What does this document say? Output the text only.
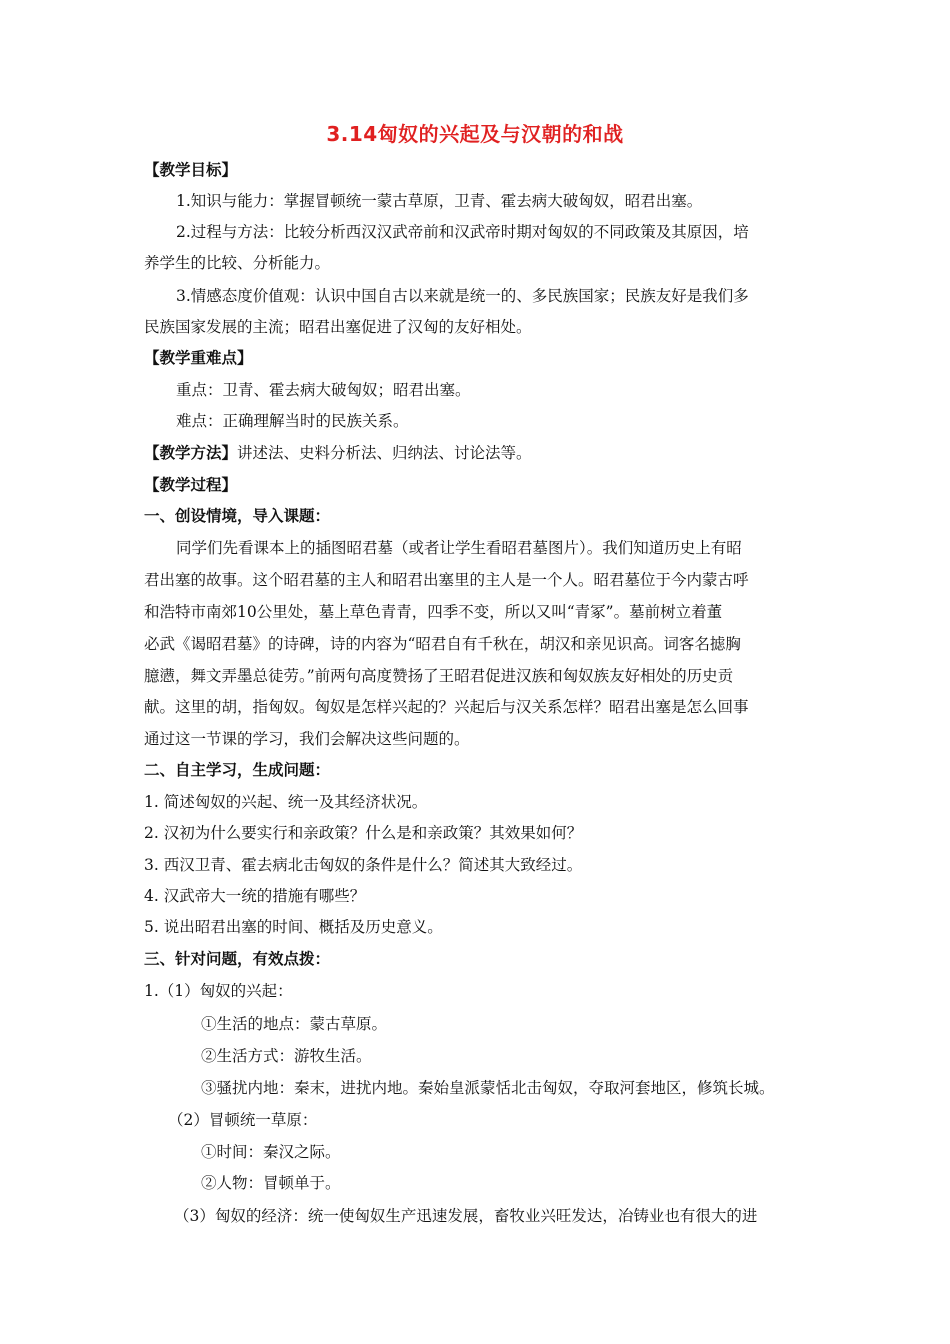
3.14匈奴的兴起及与汉朝的和战
【教学目标】
1.知识与能力：掌握冒顿统一蒙古草原，卫青、霍去病大破匈奴，昭君出塞。
2.过程与方法：比较分析西汉汉武帝前和汉武帝时期对匈奴的不同政策及其原因，培
养学生的比较、分析能力。
3.情感态度价值观：认识中国自古以来就是统一的、多民族国家；民族友好是我们多
民族国家发展的主流；昭君出塞促进了汉匈的友好相处。
【教学重难点】
重点：卫青、霍去病大破匈奴；昭君出塞。
难点：正确理解当时的民族关系。
【教学方法】讲述法、史料分析法、归纳法、讨论法等。
【教学过程】
一、创设情境，导入课题：
同学们先看课本上的插图昭君墓（或者让学生看昭君墓图片）。我们知道历史上有昭
君出塞的故事。这个昭君墓的主人和昭君出塞里的主人是一个人。昭君墓位于今内蒙古呼
和浩特市南郊10公里处，墓上草色青青，四季不变，所以又叫“青冢”。墓前树立着董
必武《谒昭君墓》的诗碑，诗的内容为“昭君自有千秋在，胡汉和亲见识高。词客名摅胸
臆懑，舞文弄墨总徒劳。”前两句高度赞扬了王昭君促进汉族和匈奴族友好相处的历史贡
献。这里的胡，指匈奴。匈奴是怎样兴起的？兴起后与汉关系怎样？昭君出塞是怎么回事
通过这一节课的学习，我们会解决这些问题的。
二、自主学习，生成问题：
1. 简述匈奴的兴起、统一及其经济状况。
2. 汉初为什么要实行和亲政策？什么是和亲政策？其效果如何？
3. 西汉卫青、霍去病北击匈奴的条件是什么？简述其大致经过。
4. 汉武帝大一统的措施有哪些？
5. 说出昭君出塞的时间、概括及历史意义。
三、针对问题，有效点拨：
1.（1）匈奴的兴起：
①生活的地点：蒙古草原。
②生活方式：游牧生活。
③骚扰内地：秦末，进扰内地。秦始皇派蒙恬北击匈奴，夺取河套地区，修筑长城。
（2）冒顿统一草原：
①时间：秦汉之际。
②人物：冒顿单于。
（3）匈奴的经济：统一使匈奴生产迅速发展，畜牧业兴旺发达，冶铸业也有很大的进
